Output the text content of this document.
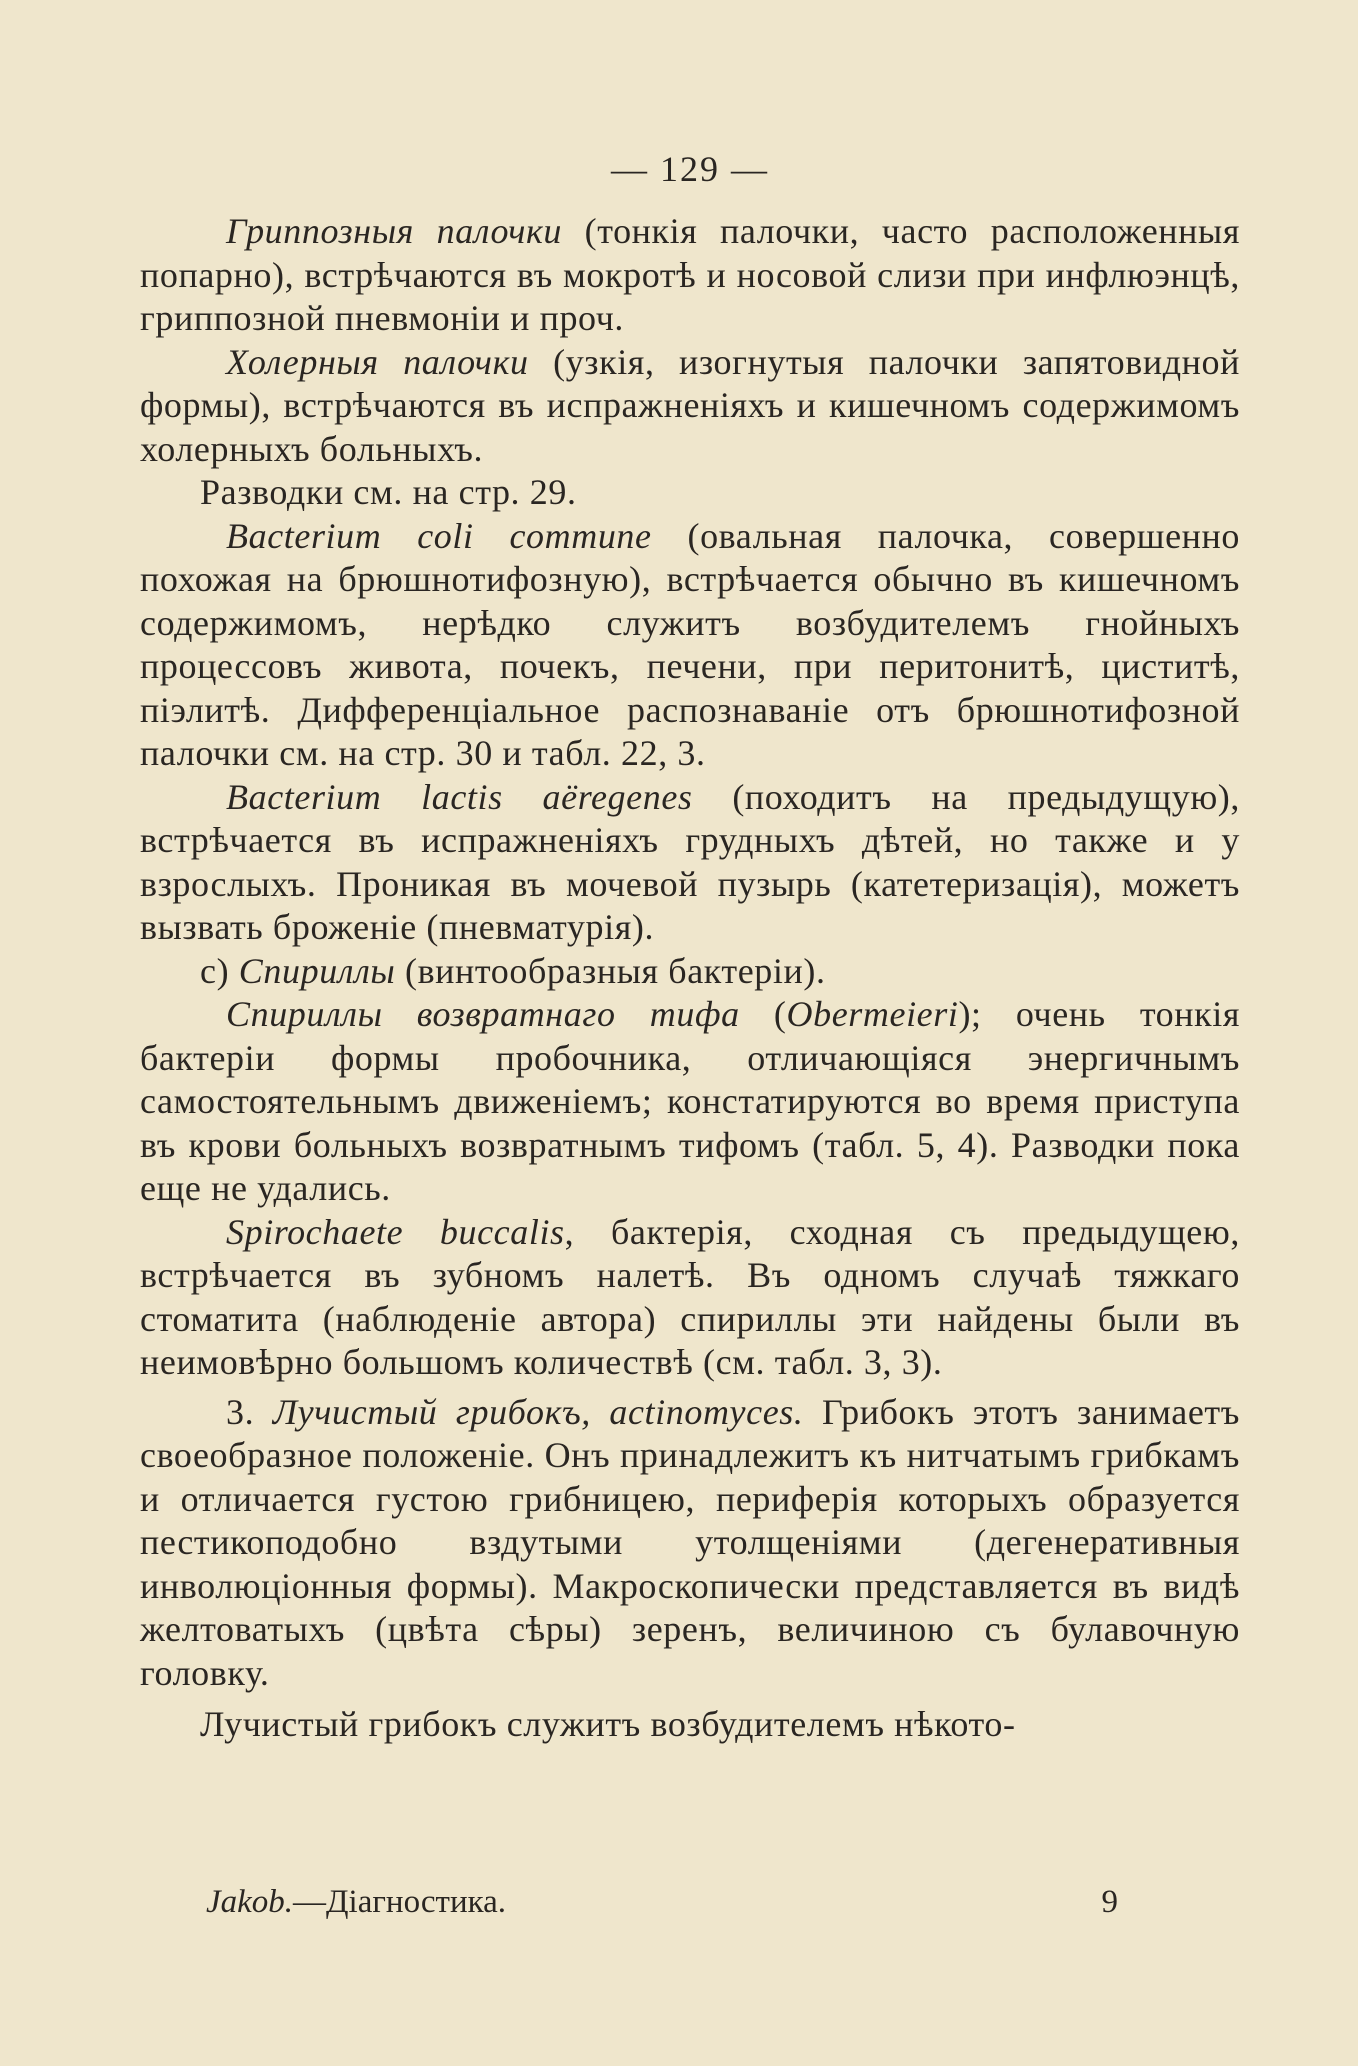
— 129 —

Гриппозныя палочки (тонкія палочки, часто расположенныя попарно), встрѣчаются въ мокротѣ и носовой слизи при инфлюэнцѣ, гриппозной пневмоніи и проч.

Холерныя палочки (узкія, изогнутыя палочки запятовидной формы), встрѣчаются въ испражненіяхъ и кишечномъ содержимомъ холерныхъ больныхъ.

Разводки см. на стр. 29.

Bacterium coli commune (овальная палочка, совершенно похожая на брюшнотифозную), встрѣчается обычно въ кишечномъ содержимомъ, нерѣдко служитъ возбудителемъ гнойныхъ процессовъ живота, почекъ, печени, при перитонитѣ, циститѣ, піэлитѣ. Дифференціальное распознаваніе отъ брюшнотифозной палочки см. на стр. 30 и табл. 22, 3.

Bacterium lactis aëregenes (походитъ на предыдущую), встрѣчается въ испражненіяхъ грудныхъ дѣтей, но также и у взрослыхъ. Проникая въ мочевой пузырь (катетеризація), можетъ вызвать броженіе (пневматурія).

c) Спириллы (винтообразныя бактеріи).

Спириллы возвратнаго тифа (Obermeieri); очень тонкія бактеріи формы пробочника, отличающіяся энергичнымъ самостоятельнымъ движеніемъ; констатируются во время приступа въ крови больныхъ возвратнымъ тифомъ (табл. 5, 4). Разводки пока еще не удались.

Spirochaete buccalis, бактерія, сходная съ предыдущею, встрѣчается въ зубномъ налетѣ. Въ одномъ случаѣ тяжкаго стоматита (наблюденіе автора) спириллы эти найдены были въ неимовѣрно большомъ количествѣ (см. табл. 3, 3).

3. Лучистый грибокъ, actinomyces. Грибокъ этотъ занимаетъ своеобразное положеніе. Онъ принадлежитъ къ нитчатымъ грибкамъ и отличается густою грибницею, периферія которыхъ образуется пестикоподобно вздутыми утолщеніями (дегенеративныя инволюціонныя формы). Макроскопически представляется въ видѣ желтоватыхъ (цвѣта сѣры) зеренъ, величиною съ булавочную головку.

Лучистый грибокъ служитъ возбудителемъ нѣкото-

Jakob.—Діагностика.	9
